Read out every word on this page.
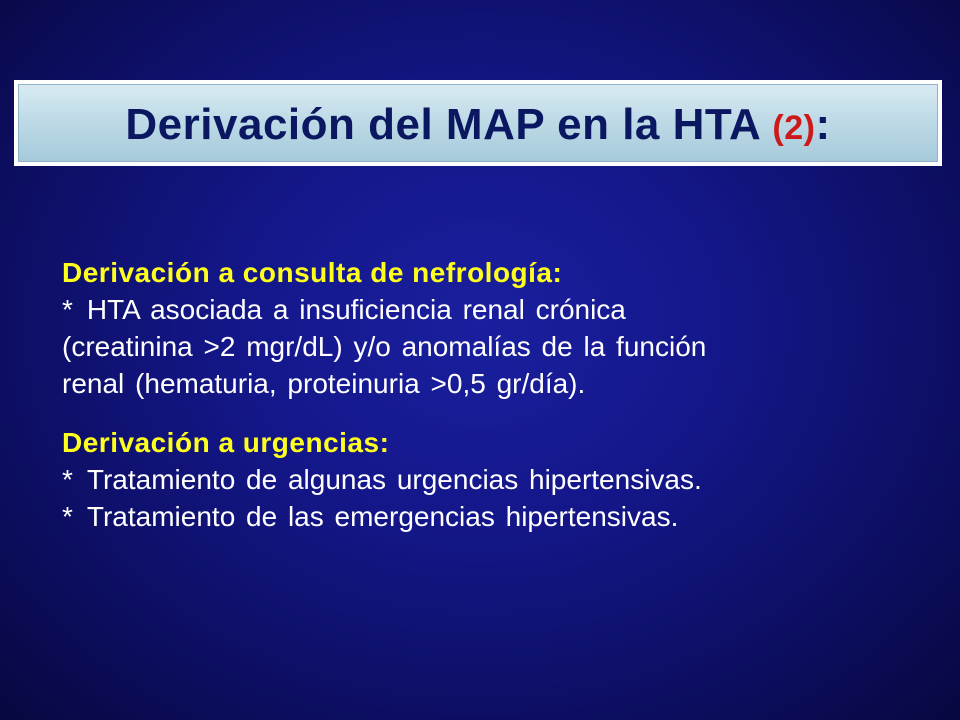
Derivación del MAP en la HTA (2):
Derivación a consulta de nefrología:
* HTA asociada a insuficiencia renal crónica
(creatinina >2 mgr/dL) y/o anomalías de la función
renal (hematuria, proteinuria >0,5 gr/día).
Derivación a urgencias:
* Tratamiento de algunas urgencias hipertensivas.
* Tratamiento de las emergencias hipertensivas.
